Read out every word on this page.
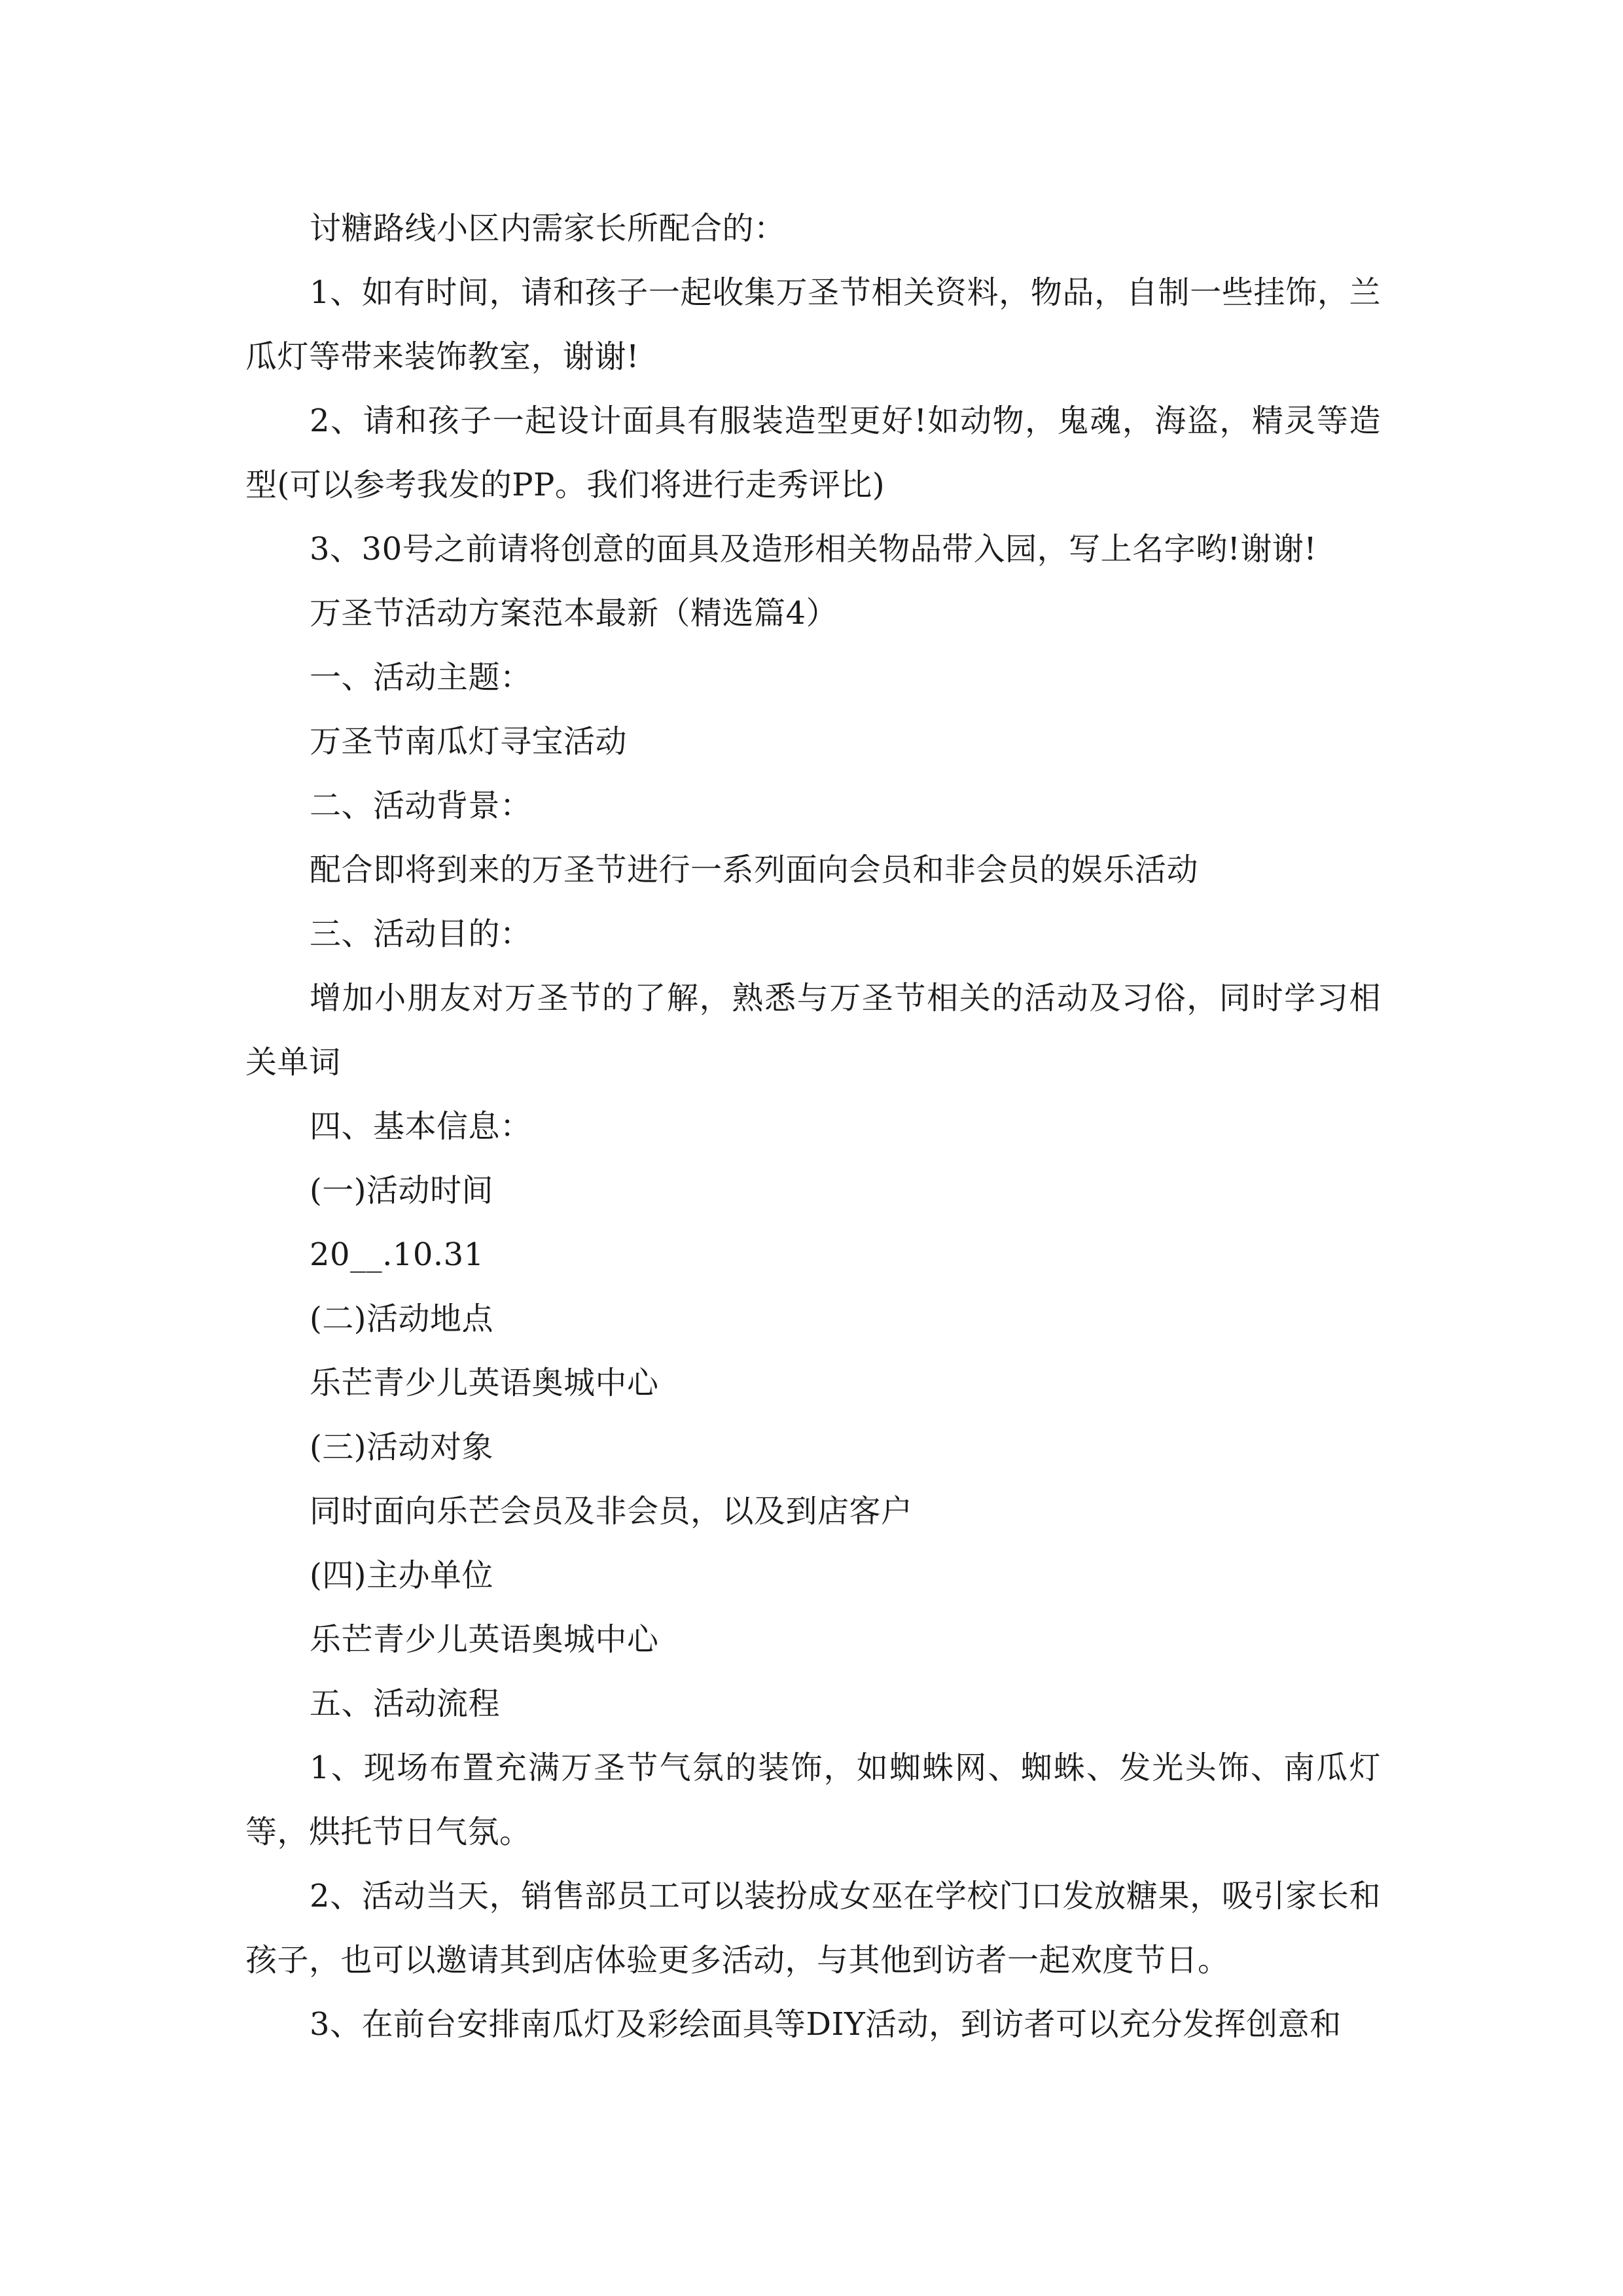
讨糖路线小区内需家长所配合的：

1、如有时间，请和孩子一起收集万圣节相关资料，物品，自制一些挂饰，兰瓜灯等带来装饰教室，谢谢!

2、请和孩子一起设计面具有服装造型更好!如动物，鬼魂，海盗，精灵等造型(可以参考我发的PP。我们将进行走秀评比)

3、30号之前请将创意的面具及造形相关物品带入园，写上名字哟!谢谢!

万圣节活动方案范本最新（精选篇4）

一、活动主题：

万圣节南瓜灯寻宝活动

二、活动背景：

配合即将到来的万圣节进行一系列面向会员和非会员的娱乐活动

三、活动目的：

增加小朋友对万圣节的了解，熟悉与万圣节相关的活动及习俗，同时学习相关单词

四、基本信息：

(一)活动时间

20__.10.31

(二)活动地点

乐芒青少儿英语奥城中心

(三)活动对象

同时面向乐芒会员及非会员，以及到店客户

(四)主办单位

乐芒青少儿英语奥城中心

五、活动流程

1、现场布置充满万圣节气氛的装饰，如蜘蛛网、蜘蛛、发光头饰、南瓜灯等，烘托节日气氛。

2、活动当天，销售部员工可以装扮成女巫在学校门口发放糖果，吸引家长和孩子，也可以邀请其到店体验更多活动，与其他到访者一起欢度节日。

3、在前台安排南瓜灯及彩绘面具等DIY活动，到访者可以充分发挥创意和
